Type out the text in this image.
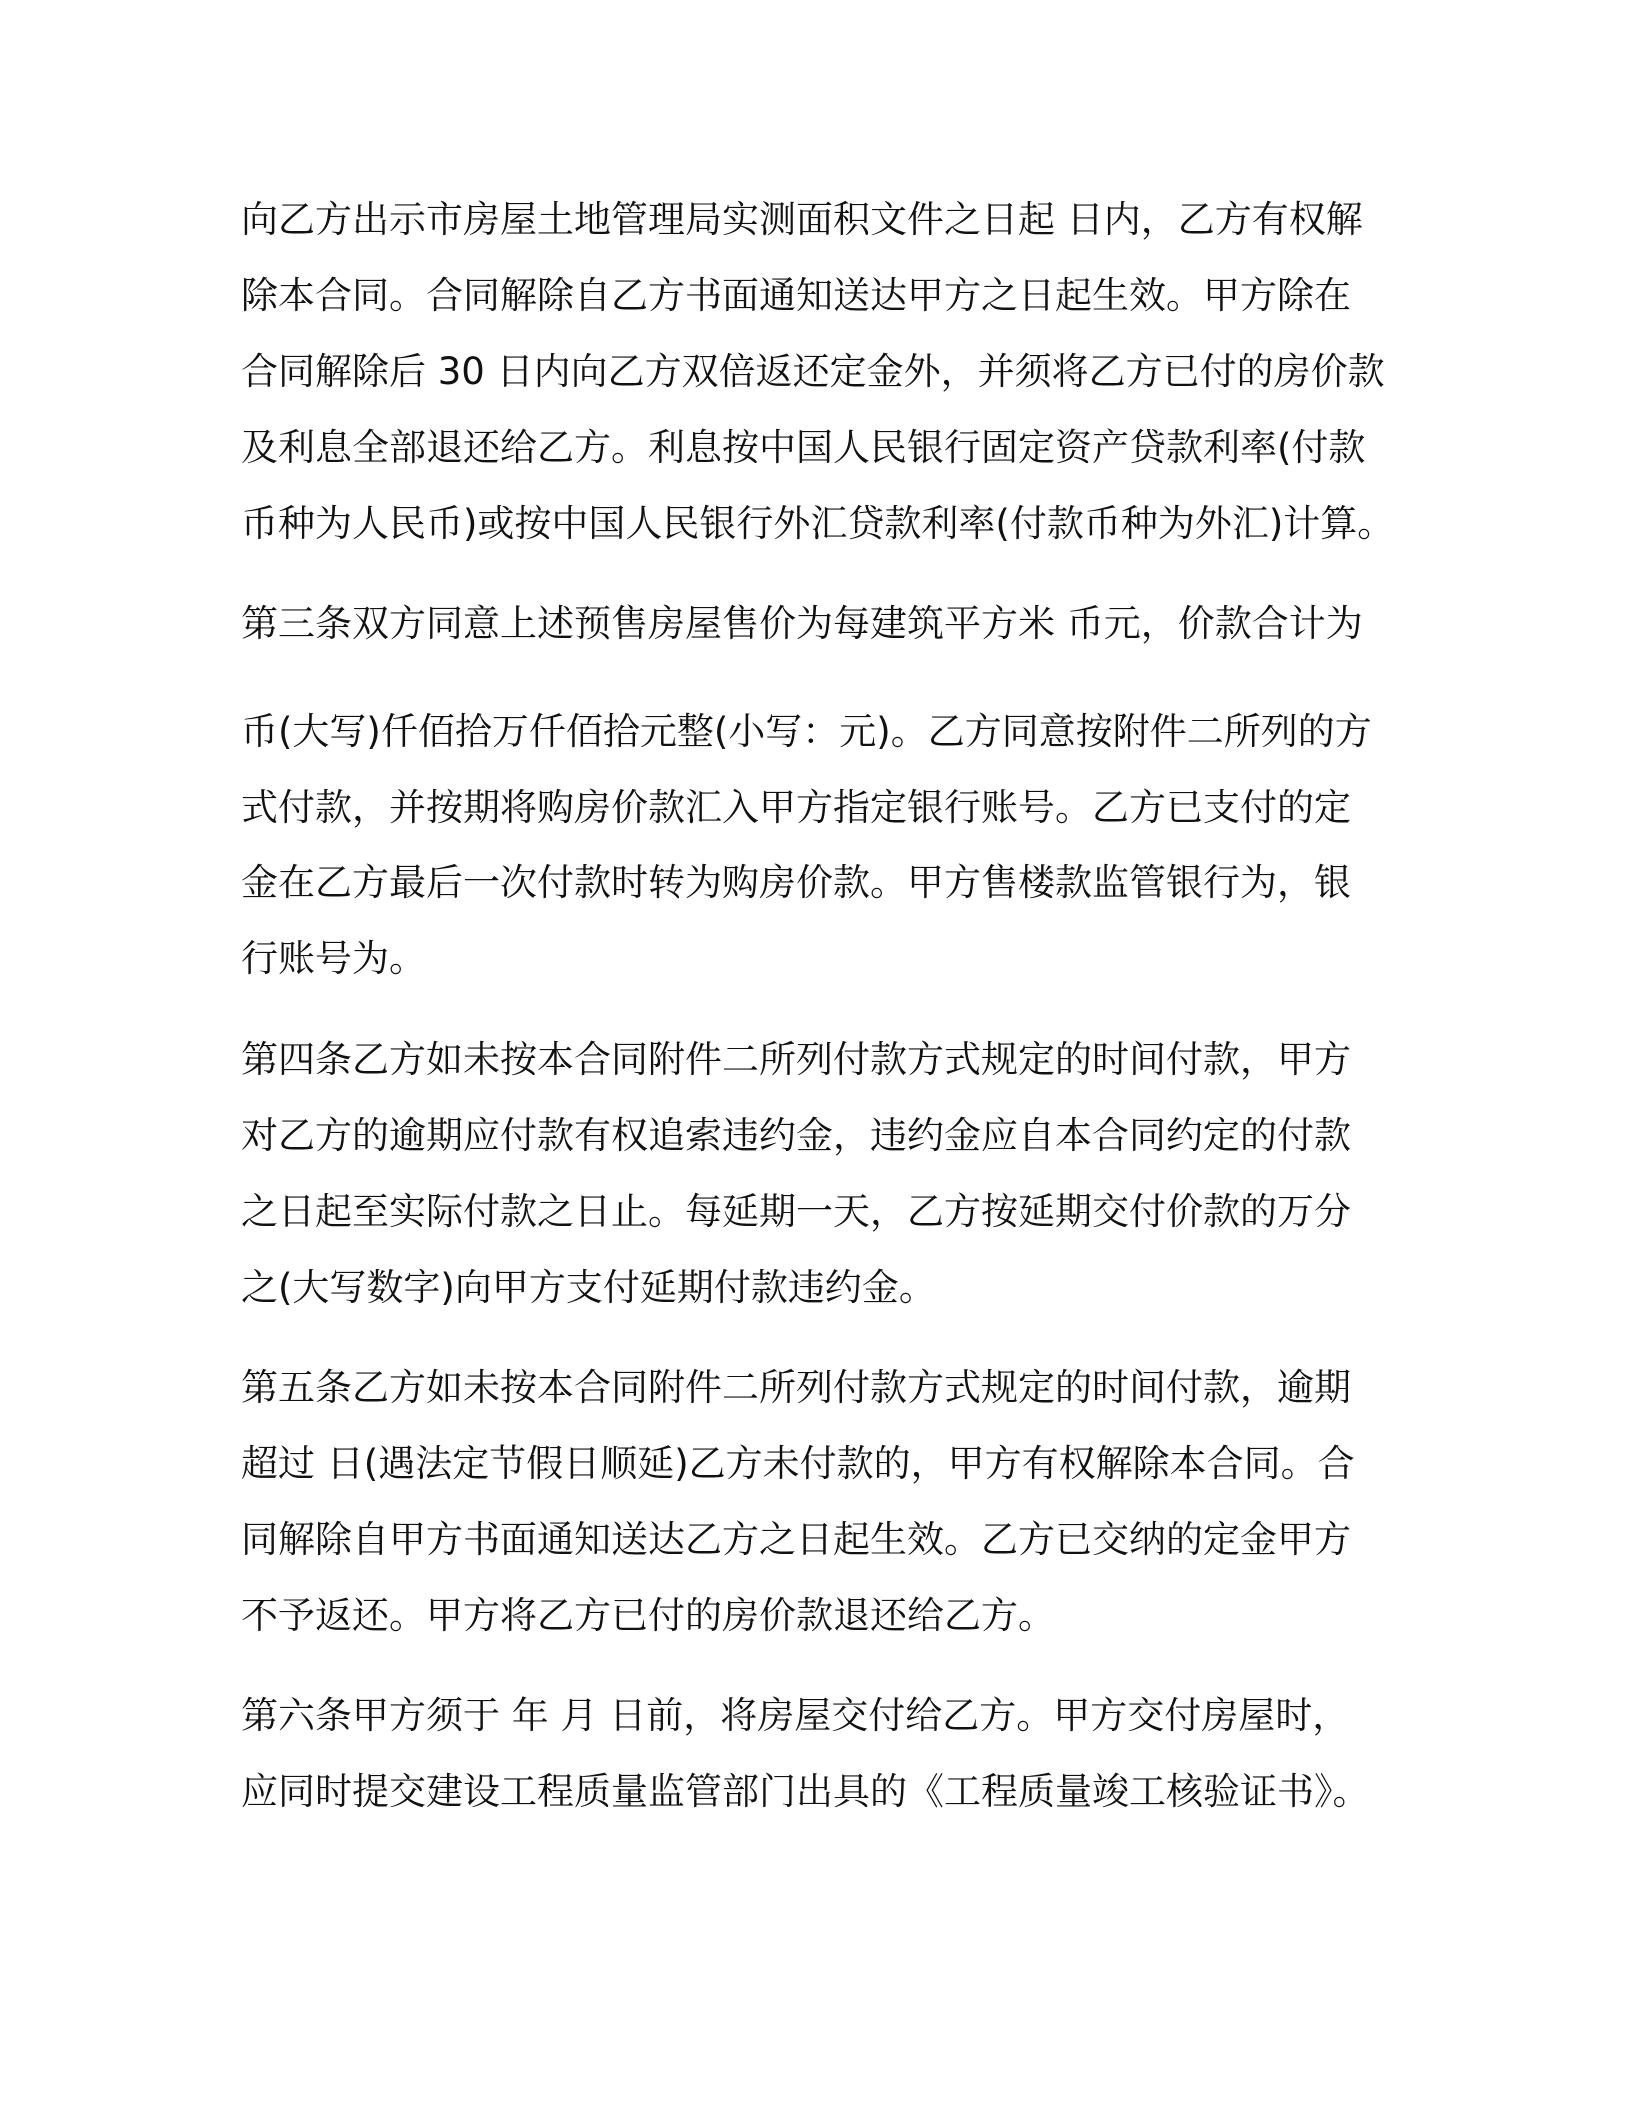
向乙方出示市房屋土地管理局实测面积文件之日起 日内，乙方有权解

除本合同。合同解除自乙方书面通知送达甲方之日起生效。甲方除在

合同解除后 30 日内向乙方双倍返还定金外，并须将乙方已付的房价款

及利息全部退还给乙方。利息按中国人民银行固定资产贷款利率(付款

币种为人民币)或按中国人民银行外汇贷款利率(付款币种为外汇)计算。

第三条双方同意上述预售房屋售价为每建筑平方米 币元，价款合计为

币(大写)仟佰拾万仟佰拾元整(小写：元)。乙方同意按附件二所列的方

式付款，并按期将购房价款汇入甲方指定银行账号。乙方已支付的定

金在乙方最后一次付款时转为购房价款。甲方售楼款监管银行为，银

行账号为。

第四条乙方如未按本合同附件二所列付款方式规定的时间付款，甲方

对乙方的逾期应付款有权追索违约金，违约金应自本合同约定的付款

之日起至实际付款之日止。每延期一天，乙方按延期交付价款的万分

之(大写数字)向甲方支付延期付款违约金。

第五条乙方如未按本合同附件二所列付款方式规定的时间付款，逾期

超过 日(遇法定节假日顺延)乙方未付款的，甲方有权解除本合同。合

同解除自甲方书面通知送达乙方之日起生效。乙方已交纳的定金甲方

不予返还。甲方将乙方已付的房价款退还给乙方。

第六条甲方须于 年 月 日前，将房屋交付给乙方。甲方交付房屋时，

应同时提交建设工程质量监管部门出具的《工程质量竣工核验证书》。
